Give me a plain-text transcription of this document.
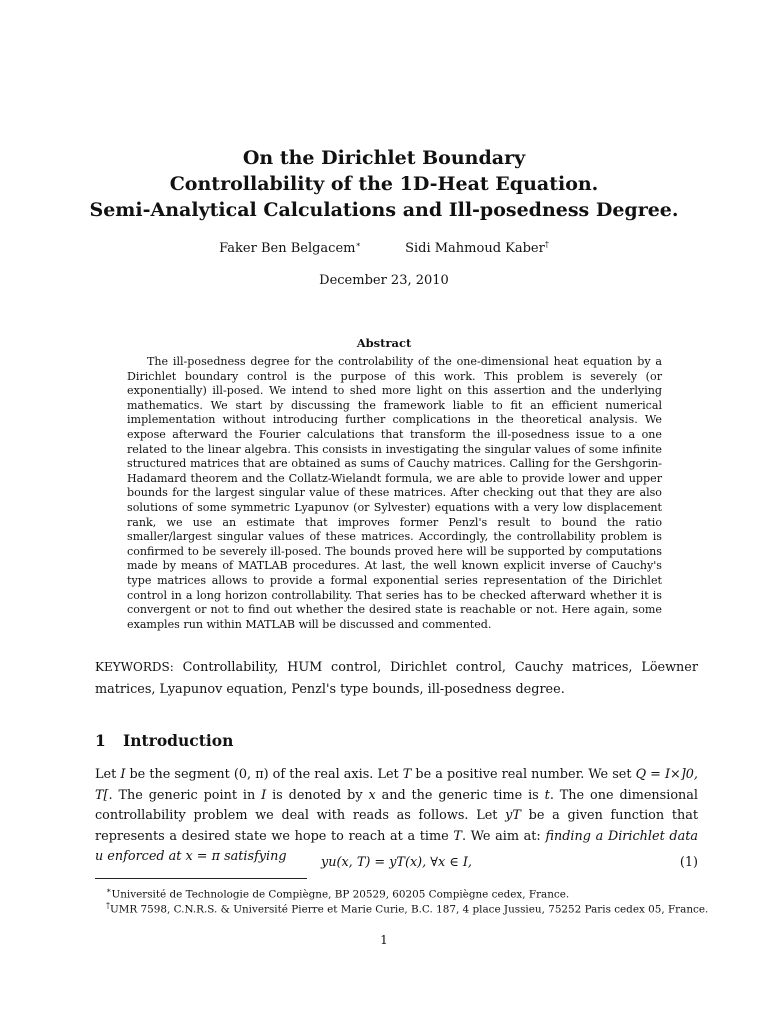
On the Dirichlet Boundary
Controllability of the 1D-Heat Equation.
Semi-Analytical Calculations and Ill-posedness Degree.
Faker Ben Belgacem∗	Sidi Mahmoud Kaber†
December 23, 2010
Abstract

The ill-posedness degree for the controlability of the one-dimensional heat equation by a Dirichlet boundary control is the purpose of this work. This problem is severely (or exponentially) ill-posed. We intend to shed more light on this assertion and the underlying mathematics. We start by discussing the framework liable to fit an efficient numerical implementation without introducing further complications in the theoretical analysis. We expose afterward the Fourier calculations that transform the ill-posedness issue to a one related to the linear algebra. This consists in investigating the singular values of some infinite structured matrices that are obtained as sums of Cauchy matrices. Calling for the Gershgorin-Hadamard theorem and the Collatz-Wielandt formula, we are able to provide lower and upper bounds for the largest singular value of these matrices. After checking out that they are also solutions of some symmetric Lyapunov (or Sylvester) equations with a very low displacement rank, we use an estimate that improves former Penzl's result to bound the ratio smaller/largest singular values of these matrices. Accordingly, the controllability problem is confirmed to be severely ill-posed. The bounds proved here will be supported by computations made by means of MATLAB procedures. At last, the well known explicit inverse of Cauchy's type matrices allows to provide a formal exponential series representation of the Dirichlet control in a long horizon controllability. That series has to be checked afterward whether it is convergent or not to find out whether the desired state is reachable or not. Here again, some examples run within MATLAB will be discussed and commented.

KEYWORDS: Controllability, HUM control, Dirichlet control, Cauchy matrices, Löewner matrices, Lyapunov equation, Penzl's type bounds, ill-posedness degree.
1 Introduction

Let I be the segment (0, π) of the real axis. Let T be a positive real number. We set Q = I×]0, T[. The generic point in I is denoted by x and the generic time is t. The one dimensional controllability problem we deal with reads as follows. Let yT be a given function that represents a desired state we hope to reach at a time T. We aim at: finding a Dirichlet data u enforced at x = π satisfying	yu(x, T) = yT(x), ∀x ∈ I,	(1)
∗Université de Technologie de Compiègne, BP 20529, 60205 Compiègne cedex, France.
†UMR 7598, C.N.R.S. & Université Pierre et Marie Curie, B.C. 187, 4 place Jussieu, 75252 Paris cedex 05, France.
1
